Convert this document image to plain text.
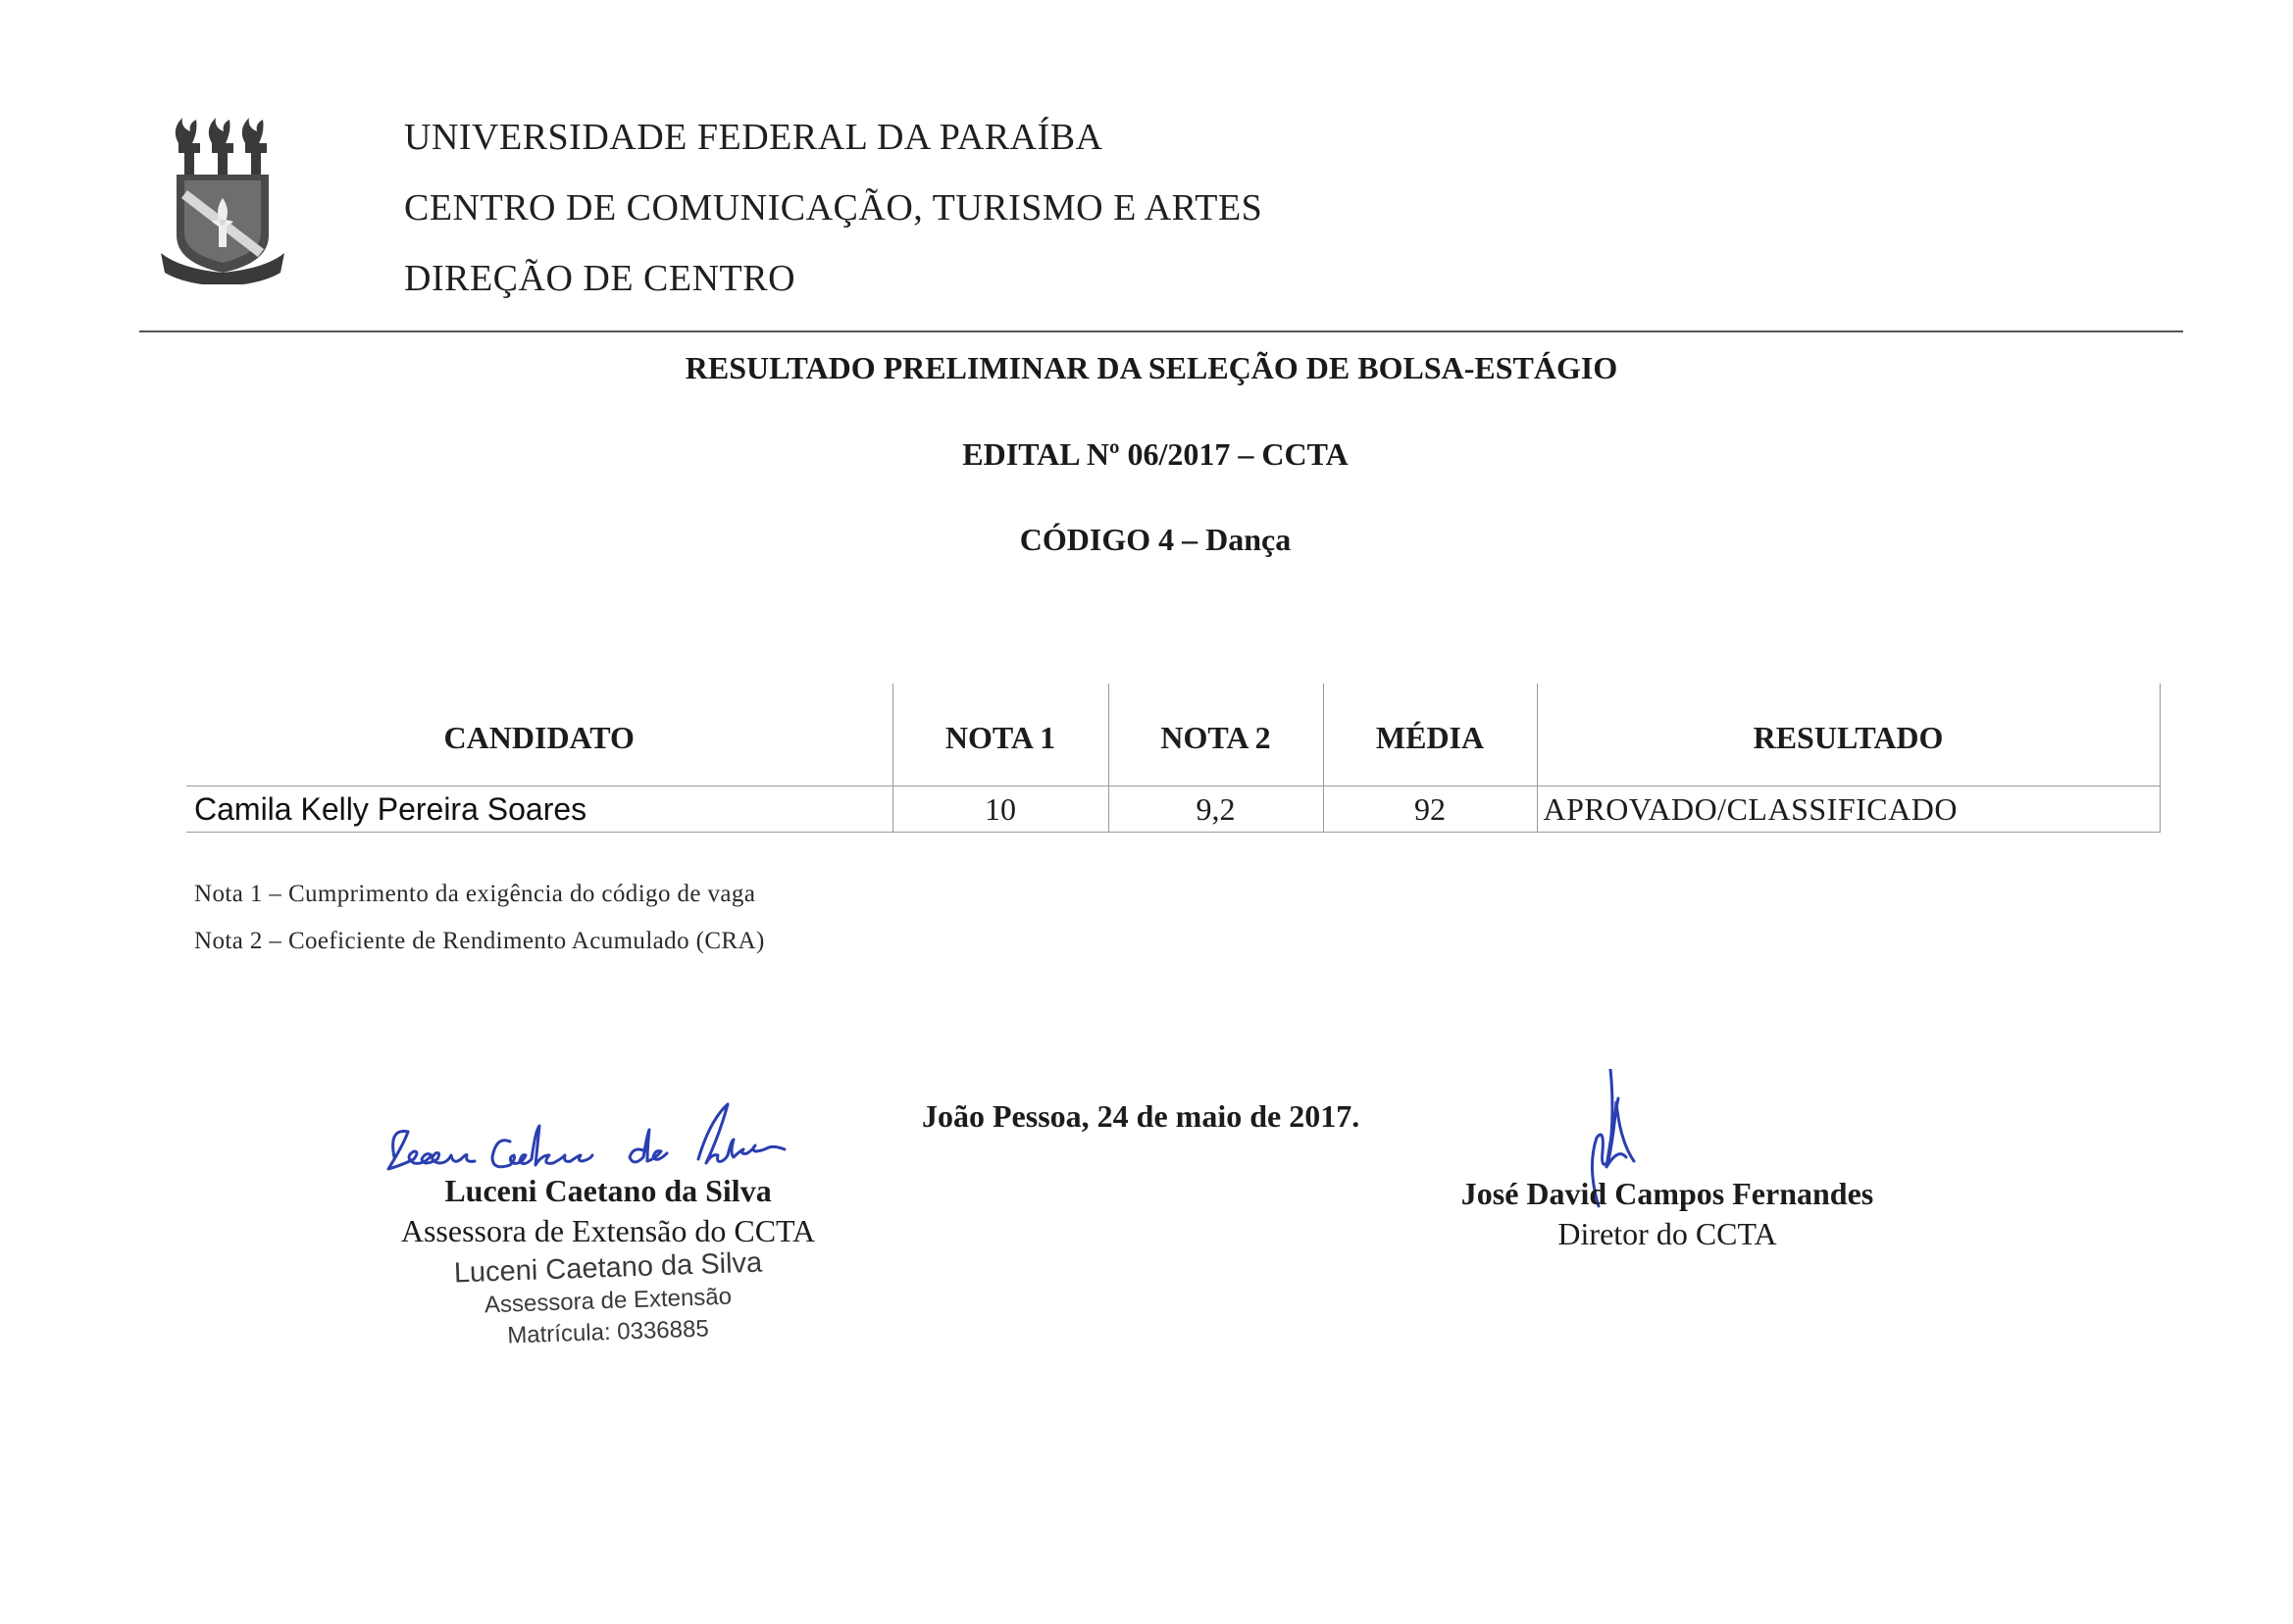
UNIVERSIDADE FEDERAL DA PARAÍBA
CENTRO DE COMUNICAÇÃO, TURISMO E ARTES
DIREÇÃO DE CENTRO
RESULTADO PRELIMINAR DA SELEÇÃO DE BOLSA-ESTÁGIO
EDITAL Nº 06/2017 – CCTA
CÓDIGO 4 – Dança
CANDIDATO	NOTA 1	NOTA 2	MÉDIA	RESULTADO
Camila Kelly Pereira Soares	10	9,2	92	APROVADO/CLASSIFICADO
Nota 1 – Cumprimento da exigência do código de vaga
Nota 2 – Coeficiente de Rendimento Acumulado (CRA)
João Pessoa, 24 de maio de 2017.
Luceni Caetano da Silva
Assessora de Extensão do CCTA
Luceni Caetano da Silva
Assessora de Extensão
Matrícula: 0336885
José David Campos Fernandes
Diretor do CCTA
